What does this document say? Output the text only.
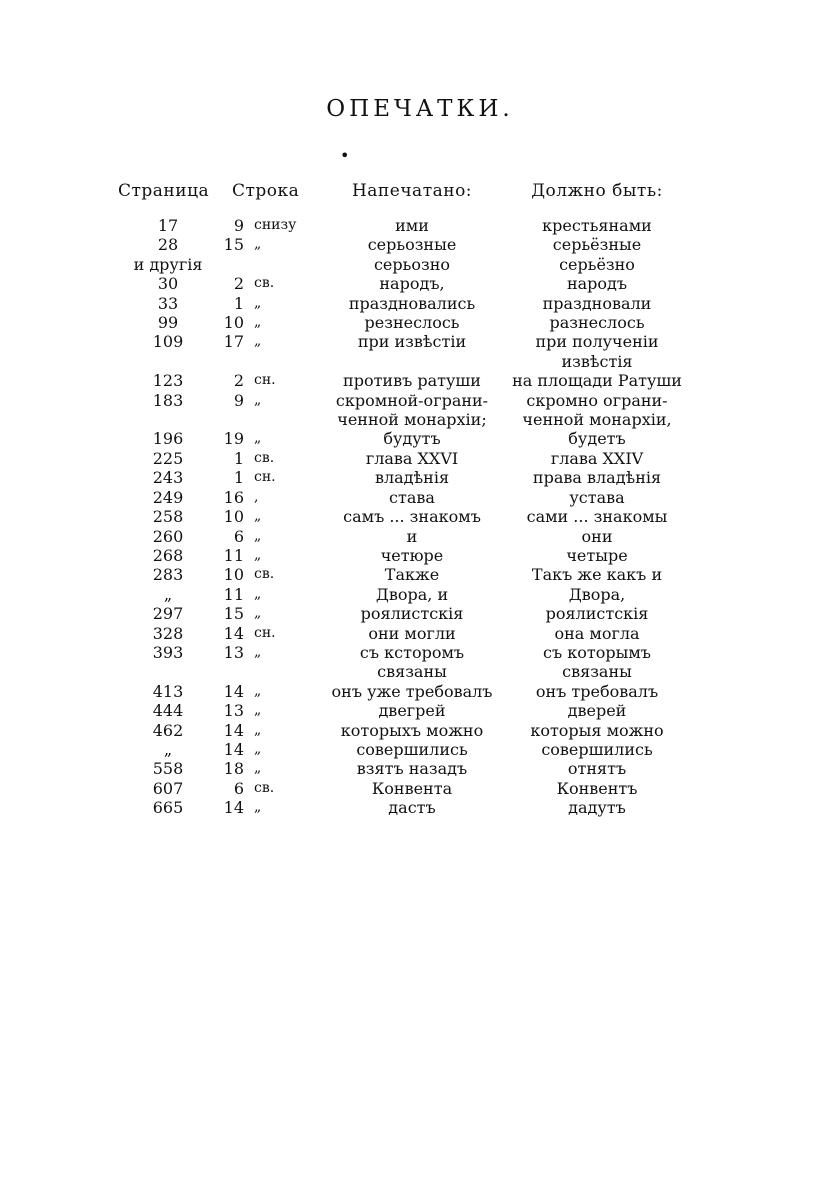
ОПЕЧАТКИ.
•
Страница	Строка		Напечатано:	Должно быть:
17	9	снизу	ими	крестьянами
28	15	„	серьозные	серьёзные
и другія			серьозно	серьёзно
30	2	св.	народъ,	народъ
33	1	„	праздновались	праздновали
99	10	„	резнеслось	разнеслось
109	17	„	при извѣстіи	при полученіи
				извѣстія
123	2	сн.	противъ ратуши	на площади Ратуши
183	9	„	скромной-ограни-	скромно ограни-
			ченной монархіи;	ченной монархіи,
196	19	„	будутъ	будетъ
225	1	св.	глава XXVI	глава XXIV
243	1	сн.	владѣнія	права владѣнія
249	16	,	става	устава
258	10	„	самъ ... знакомъ	сами ... знакомы
260	6	„	и	они
268	11	„	четюре	четыре
283	10	св.	Также	Такъ же какъ и
„	11	„	Двора, и	Двора,
297	15	„	роялистскія	роялистскія
328	14	сн.	они могли	она могла
393	13	„	съ ксторомъ	съ которымъ
			связаны	связаны
413	14	„	онъ уже требовалъ	онъ требовалъ
444	13	„	двегрей	дверей
462	14	„	которыхъ можно	которыя можно
„	14	„	совершились	совершились
558	18	„	взятъ назадъ	отнятъ
607	6	св.	Конвента	Конвентъ
665	14	„	дастъ	дадутъ
